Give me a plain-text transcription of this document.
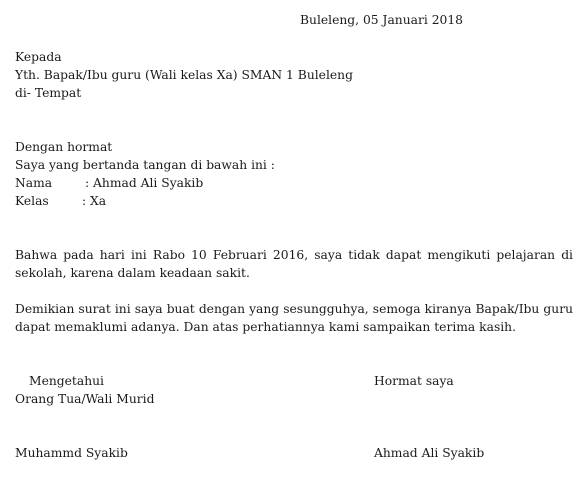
Buleleng, 05 Januari 2018
Kepada
Yth. Bapak/Ibu guru (Wali kelas Xa) SMAN 1 Buleleng
di- Tempat
Dengan hormat
Saya yang bertanda tangan di bawah ini :
Nama	: Ahmad Ali Syakib
Kelas	: Xa
Bahwa pada hari ini Rabo 10 Februari 2016, saya tidak dapat mengikuti pelajaran di sekolah, karena dalam keadaan sakit.
Demikian surat ini saya buat dengan yang sesungguhya, semoga kiranya Bapak/Ibu guru dapat memaklumi adanya. Dan atas perhatiannya kami sampaikan terima kasih.
Mengetahui
Orang Tua/Wali Murid
Hormat saya
Muhammd Syakib	Ahmad Ali Syakib
